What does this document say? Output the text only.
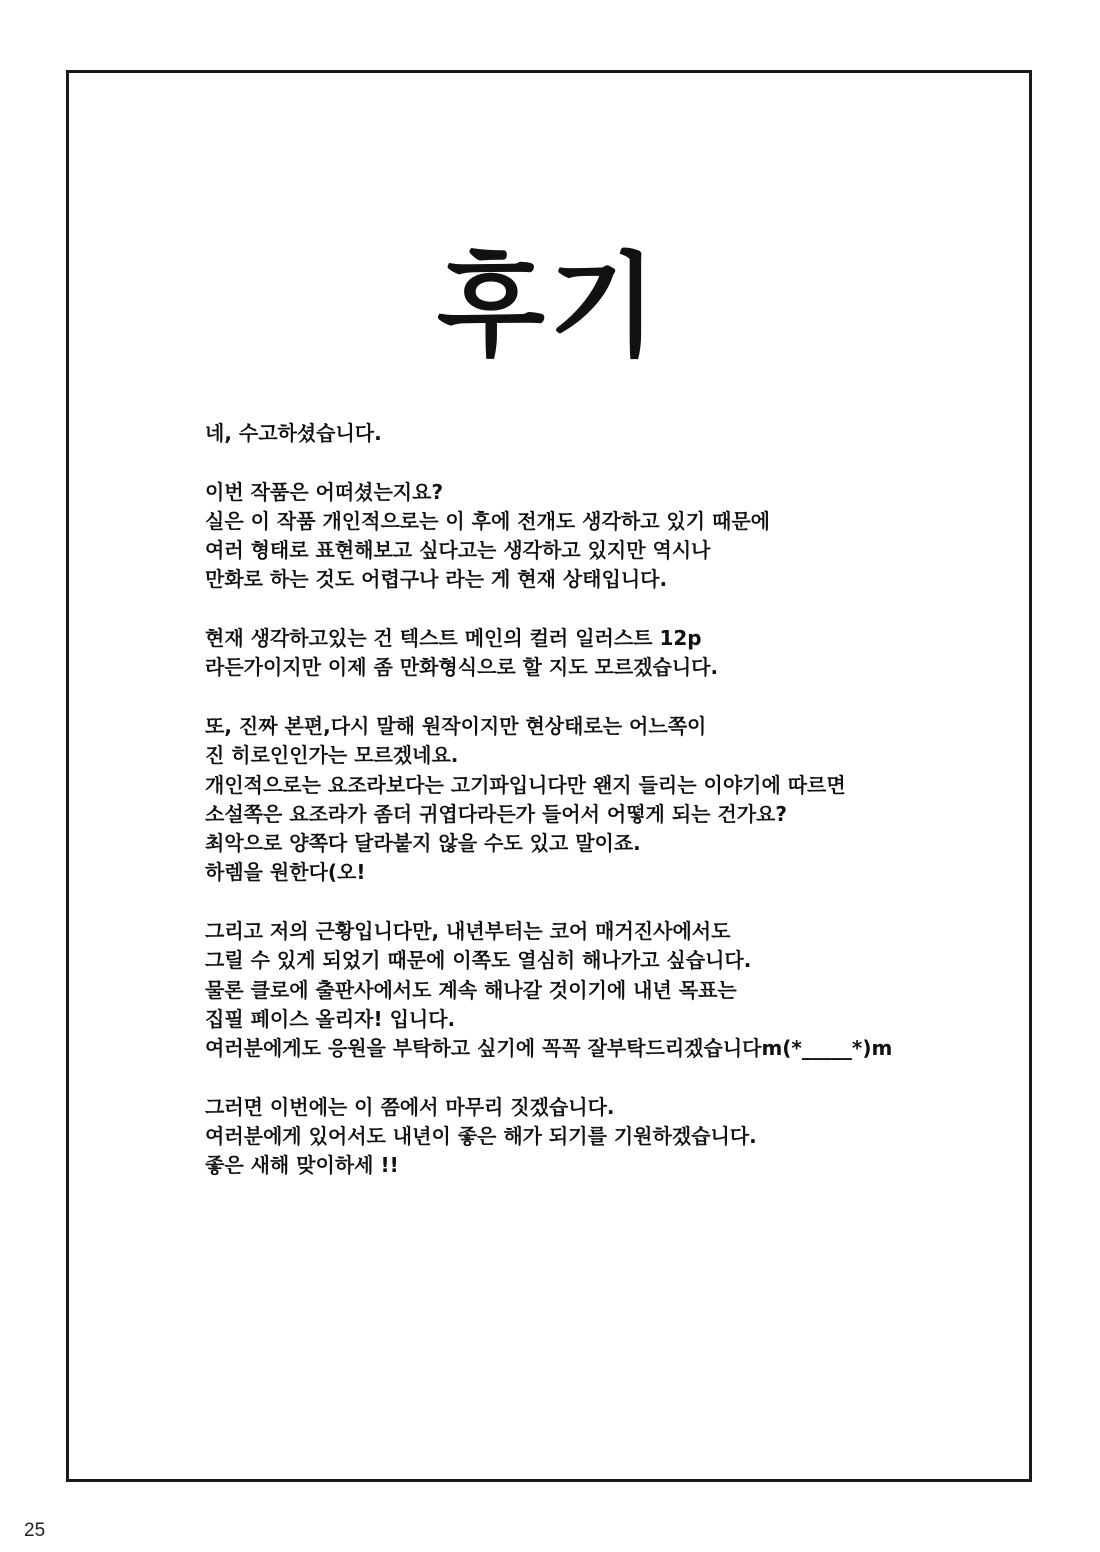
후기

네, 수고하셨습니다.

이번 작품은 어떠셨는지요?
실은 이 작품 개인적으로는 이 후에 전개도 생각하고 있기 때문에
여러 형태로 표현해보고 싶다고는 생각하고 있지만 역시나
만화로 하는 것도 어렵구나 라는 게 현재 상태입니다.

현재 생각하고있는 건 텍스트 메인의 컬러 일러스트 12p
라든가이지만 이제 좀 만화형식으로 할 지도 모르겠습니다.

또, 진짜 본편,다시 말해 원작이지만 현상태로는 어느쪽이
진 히로인인가는 모르겠네요.
개인적으로는 요조라보다는 고기파입니다만 왠지 들리는 이야기에 따르면
소설쪽은 요조라가 좀더 귀엽다라든가 들어서 어떻게 되는 건가요?
최악으로 양쪽다 달라붙지 않을 수도 있고 말이죠.
하렘을 원한다(오!

그리고 저의 근황입니다만, 내년부터는 코어 매거진사에서도
그릴 수 있게 되었기 때문에 이쪽도 열심히 해나가고 싶습니다.
물론 클로에 출판사에서도 계속 해나갈 것이기에 내년 목표는
집필 페이스 올리자! 입니다.
여러분에게도 응원을 부탁하고 싶기에 꼭꼭 잘부탁드리겠습니다m(*_____*)m

그러면 이번에는 이 쯤에서 마무리 짓겠습니다.
여러분에게 있어서도 내년이 좋은 해가 되기를 기원하겠습니다.
좋은 새해 맞이하세 !!

25
